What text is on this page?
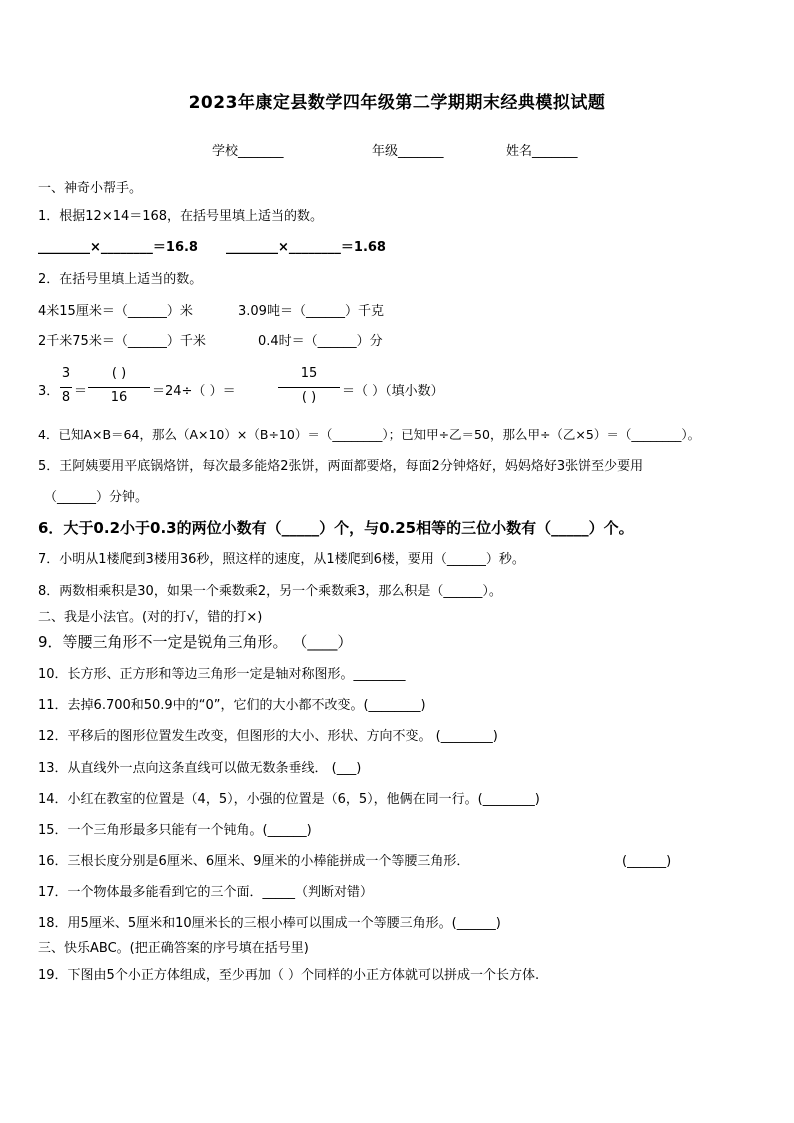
2023年康定县数学四年级第二学期期末经典模拟试题
学校_______	年级_______	姓名_______
一、神奇小帮手。
1．根据12×14＝168，在括号里填上适当的数。
________×________＝16.8 ________×________＝1.68
2．在括号里填上适当的数。
4米15厘米＝（______）米	3.09吨＝（______）千克
2千米75米＝（______）千米	0.4时＝（______）分
3．
3
8 ＝
( )
16	＝24÷（ ）＝
15
( )	＝（ ）（填小数）
4．已知A×B＝64，那么（A×10）×（B÷10）＝（________）；已知甲÷乙＝50，那么甲÷（乙×5）＝（________）。
5．王阿姨要用平底锅烙饼，每次最多能烙2张饼，两面都要烙，每面2分钟烙好，妈妈烙好3张饼至少要用
（______）分钟。
6．大于0.2小于0.3的两位小数有（_____）个，与0.25相等的三位小数有（_____）个。
7．小明从1楼爬到3楼用36秒，照这样的速度，从1楼爬到6楼，要用（______）秒。
8．两数相乘积是30，如果一个乘数乘2，另一个乘数乘3，那么积是（______）。
二、我是小法官。(对的打√，错的打×)
9．等腰三角形不一定是锐角三角形。 （____）
10．长方形、正方形和等边三角形一定是轴对称图形。________
11．去掉6.700和50.9中的“0”，它们的大小都不改变。(________)
12．平移后的图形位置发生改变，但图形的大小、形状、方向不变。 (________)
13．从直线外一点向这条直线可以做无数条垂线． (___)
14．小红在教室的位置是（4，5），小强的位置是（6，5），他俩在同一行。(________)
15．一个三角形最多只能有一个钝角。(______)
16．三根长度分别是6厘米、6厘米、9厘米的小棒能拼成一个等腰三角形．	(______)
17．一个物体最多能看到它的三个面．_____（判断对错）
18．用5厘米、5厘米和10厘米长的三根小棒可以围成一个等腰三角形。(______)
三、快乐ABC。(把正确答案的序号填在括号里)
19．下图由5个小正方体组成，至少再加（ ）个同样的小正方体就可以拼成一个长方体.
